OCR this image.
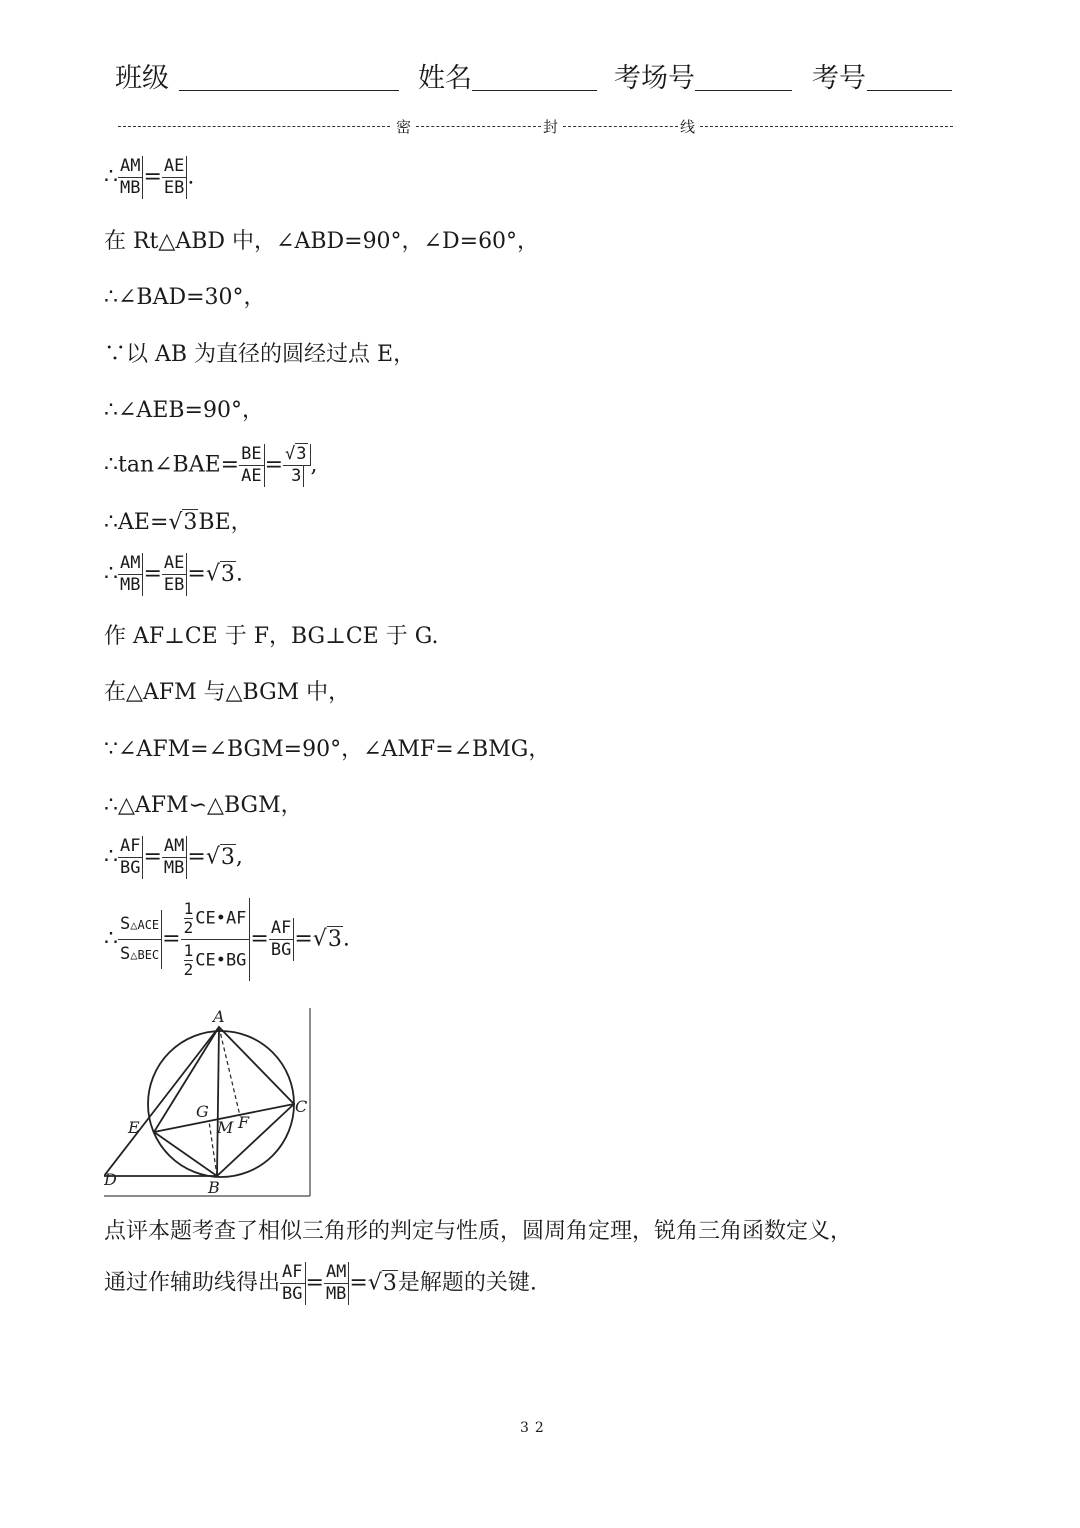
班级	姓名	考场号	考号
密	封	线
∴ $\frac{AM}{MB} = \frac{AE}{EB}$ .
在 Rt△ABD 中，∠ABD=90°，∠D=60°，
∴∠BAD=30°，
∵以 AB 为直径的圆经过点 E，
∴∠AEB=90°，
∴tan∠BAE= $\frac{BE}{AE} = \frac{√3}{3}$ ,
∴AE=√3BE，
∴ $\frac{AM}{MB} = \frac{AE}{EB} =√3$.
作 AF⊥CE 于 F，BG⊥CE 于 G.
在△AFM 与△BGM 中，
∵∠AFM=∠BGM=90°，∠AMF=∠BMG，
∴△AFM∽△BGM，
∴ $\frac{AF}{BG} = \frac{AM}{MB} =√3$,
∴ $\frac{\text{S△ACE}}{\text{S△BEC}} = \frac{\frac{1}{2} CE•AF}{\frac{1}{2} CE•BG} = \frac{AF}{BG} =√3$.
A
B
C
D
E	F
G
M
点评本题考查了相似三角形的判定与性质，圆周角定理，锐角三角函数定义，
通过作辅助线得出 $\frac{AF}{BG} = \frac{AM}{MB} =√3$是解题的关键.
32
